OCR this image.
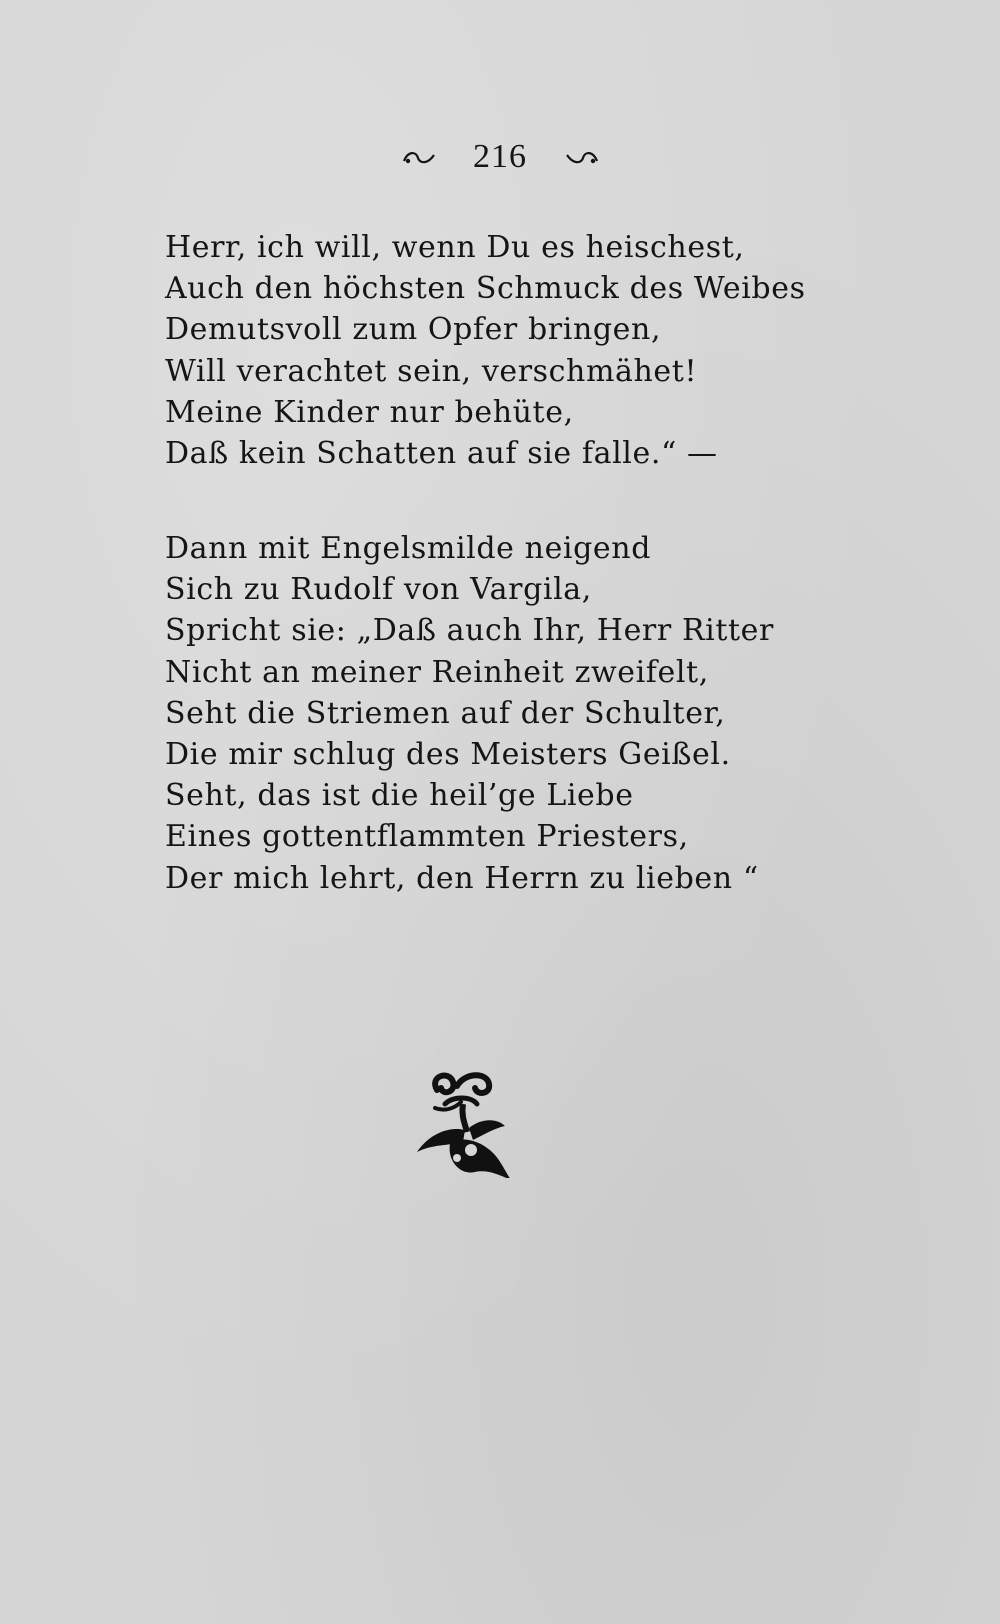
216
Herr, ich will, wenn Du es heischest,
Auch den höchsten Schmuck des Weibes
Demutsvoll zum Opfer bringen,
Will verachtet sein, verschmähet!
Meine Kinder nur behüte,
Daß kein Schatten auf sie falle.“ —
Dann mit Engelsmilde neigend
Sich zu Rudolf von Vargila,
Spricht sie: „Daß auch Ihr, Herr Ritter
Nicht an meiner Reinheit zweifelt,
Seht die Striemen auf der Schulter,
Die mir schlug des Meisters Geißel.
Seht, das ist die heil’ge Liebe
Eines gottentflammten Priesters,
Der mich lehrt, den Herrn zu lieben “
